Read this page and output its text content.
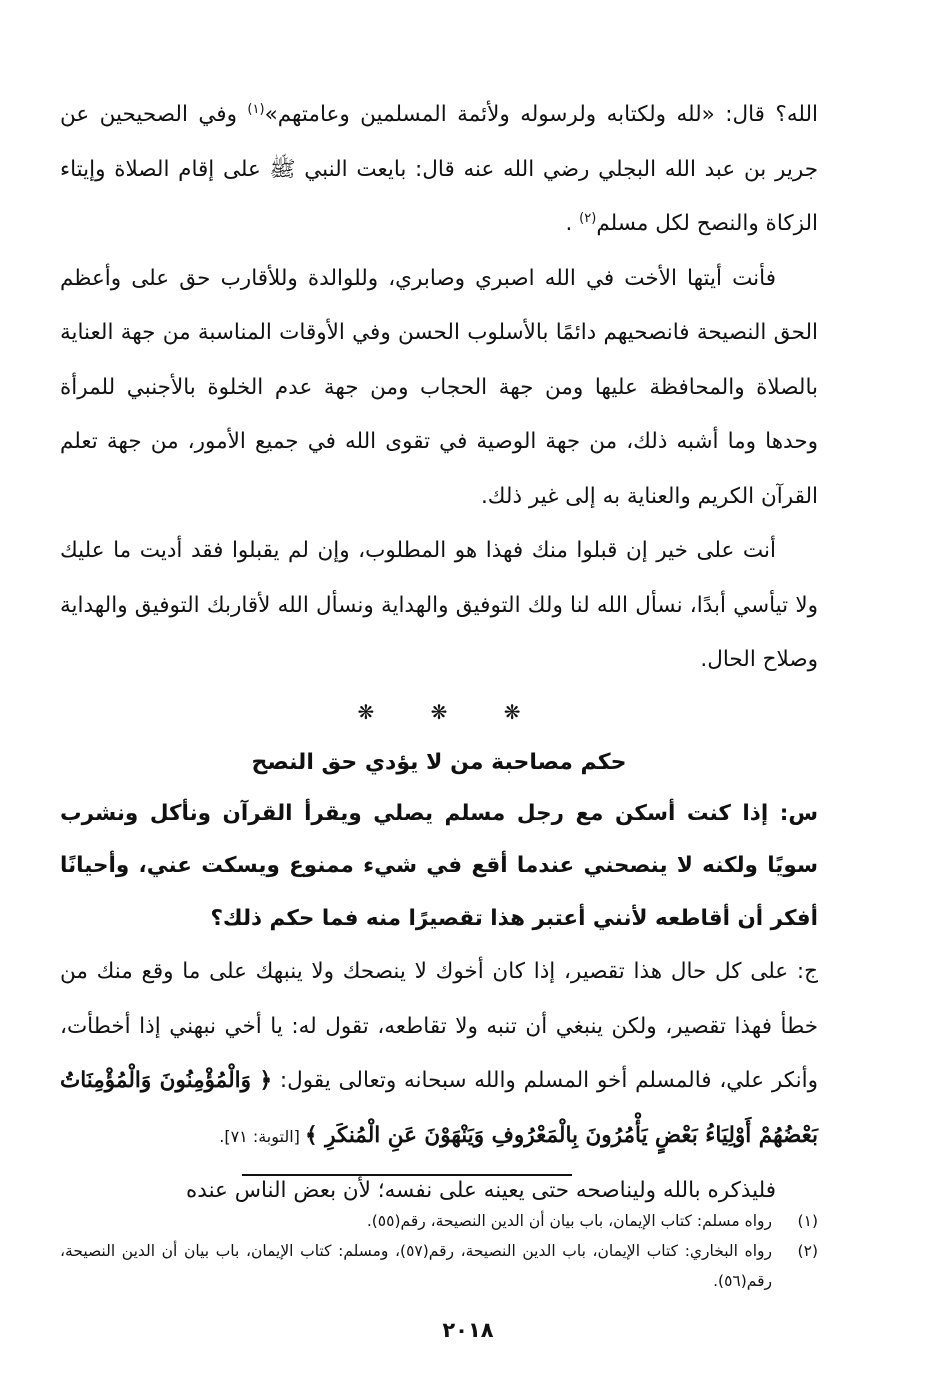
الله؟ قال: «لله ولكتابه ولرسوله ولأئمة المسلمين وعامتهم»$^{(١)}$ وفي الصحيحين عن جرير بن عبد الله البجلي رضي الله عنه قال: بايعت النبي ﷺ على إقام الصلاة وإيتاء الزكاة والنصح لكل مسلم$^{(٢)}$ .

فأنت أيتها الأخت في الله اصبري وصابري، وللوالدة وللأقارب حق على وأعظم الحق النصيحة فانصحيهم دائمًا بالأسلوب الحسن وفي الأوقات المناسبة من جهة العناية بالصلاة والمحافظة عليها ومن جهة الحجاب ومن جهة عدم الخلوة بالأجنبي للمرأة وحدها وما أشبه ذلك، من جهة الوصية في تقوى الله في جميع الأمور، من جهة تعلم القرآن الكريم والعناية به إلى غير ذلك.

أنت على خير إن قبلوا منك فهذا هو المطلوب، وإن لم يقبلوا فقد أديت ما عليك ولا تيأسي أبدًا، نسأل الله لنا ولك التوفيق والهداية ونسأل الله لأقاربك التوفيق والهداية وصلاح الحال.

❋ ❋ ❋
حكم مصاحبة من لا يؤدي حق النصح

س: إذا كنت أسكن مع رجل مسلم يصلي ويقرأ القرآن ونأكل ونشرب سويًا ولكنه لا ينصحني عندما أقع في شيء ممنوع ويسكت عني، وأحيانًا أفكر أن أقاطعه لأنني أعتبر هذا تقصيرًا منه فما حكم ذلك؟

ج: على كل حال هذا تقصير، إذا كان أخوك لا ينصحك ولا ينبهك على ما وقع منك من خطأ فهذا تقصير، ولكن ينبغي أن تنبه ولا تقاطعه، تقول له: يا أخي نبهني إذا أخطأت، وأنكر علي، فالمسلم أخو المسلم والله سبحانه وتعالى يقول: ﴿ وَالْمُؤْمِنُونَ وَالْمُؤْمِنَاتُ بَعْضُهُمْ أَوْلِيَاءُ بَعْضٍ يَأْمُرُونَ بِالْمَعْرُوفِ وَيَنْهَوْنَ عَنِ الْمُنكَرِ ﴾ [التوبة: ٧١].

فليذكره بالله وليناصحه حتى يعينه على نفسه؛ لأن بعض الناس عنده

(١)
رواه مسلم: كتاب الإيمان، باب بيان أن الدين النصيحة، رقم(٥٥).
(٢)
رواه البخاري: كتاب الإيمان، باب الدين النصيحة، رقم(٥٧)، ومسلم: كتاب الإيمان، باب بيان أن الدين النصيحة، رقم(٥٦).
٢٠١٨
